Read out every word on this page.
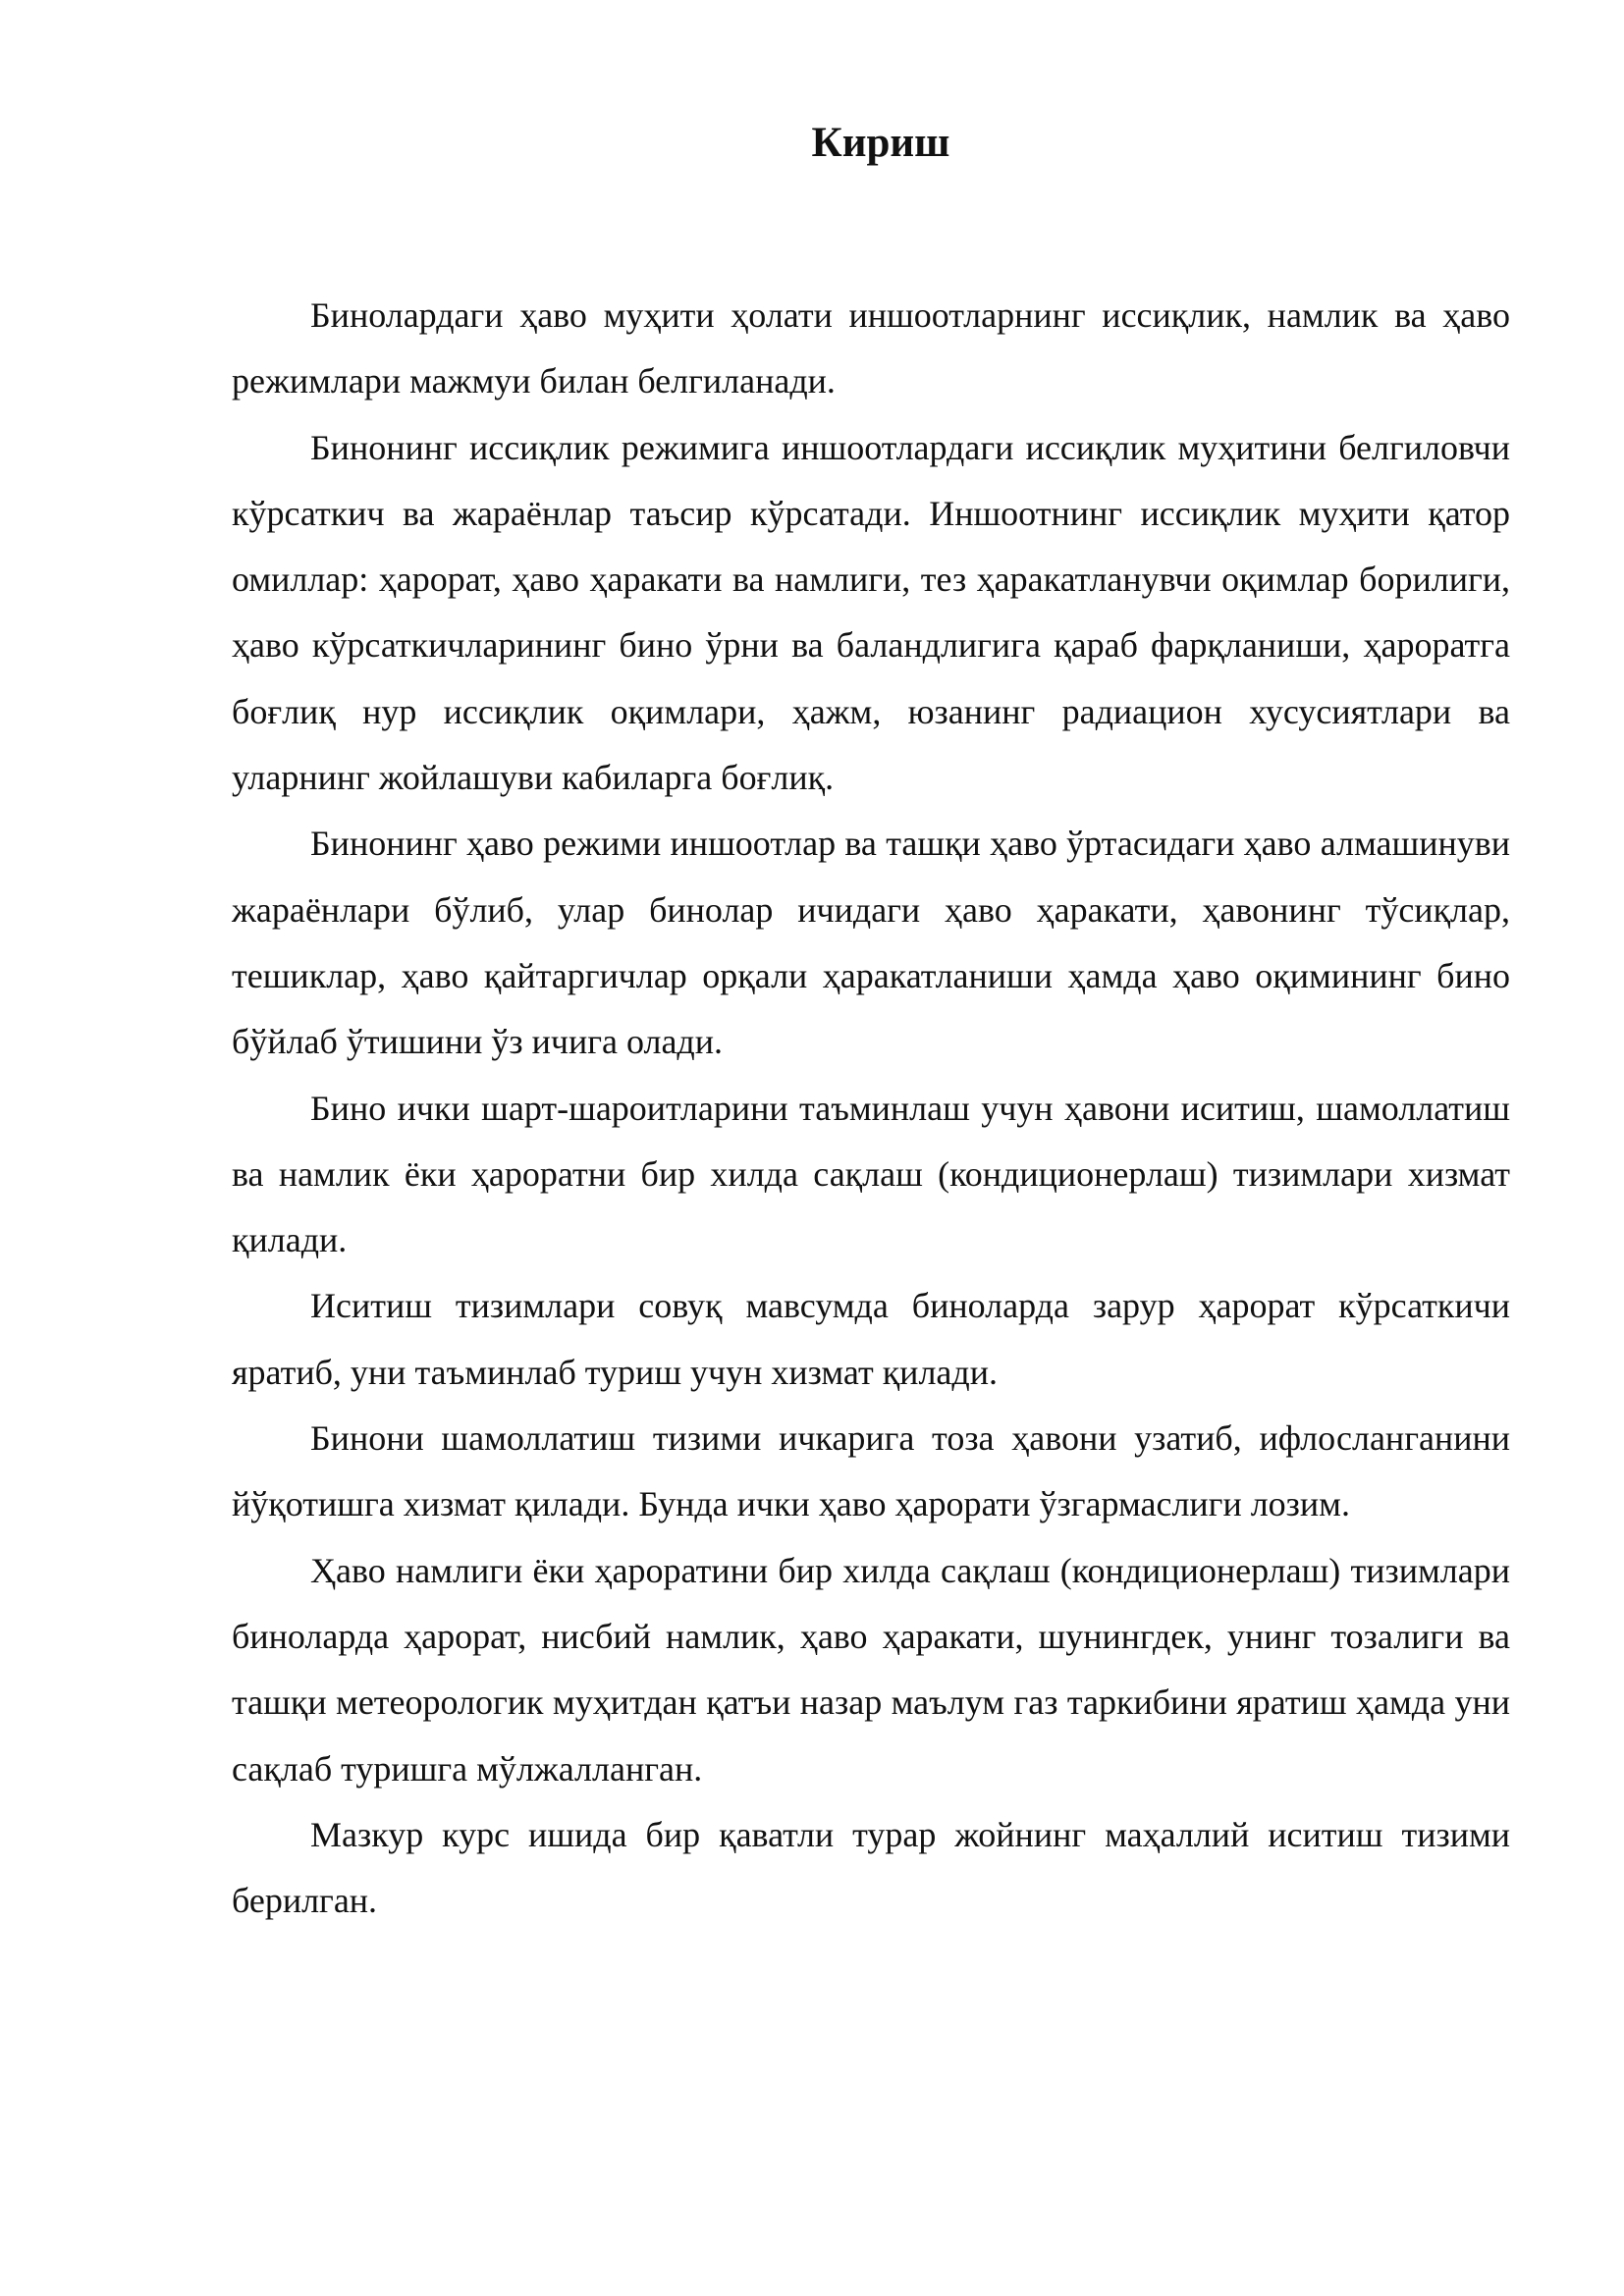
Кириш

Бинолардаги ҳаво муҳити ҳолати иншоотларнинг иссиқлик, намлик ва ҳаво режимлари мажмуи билан белгиланади.

Бинонинг иссиқлик режимига иншоотлардаги иссиқлик муҳитини белгиловчи кўрсаткич ва жараёнлар таъсир кўрсатади. Иншоотнинг иссиқлик муҳити қатор омиллар: ҳарорат, ҳаво ҳаракати ва намлиги, тез ҳаракатланувчи оқимлар борилиги, ҳаво кўрсаткичларининг бино ўрни ва баландлигига қараб фарқланиши, ҳароратга боғлиқ нур иссиқлик оқимлари, ҳажм, юзанинг радиацион хусусиятлари ва уларнинг жойлашуви кабиларга боғлиқ.

Бинонинг ҳаво режими иншоотлар ва ташқи ҳаво ўртасидаги ҳаво алмашинуви жараёнлари бўлиб, улар бинолар ичидаги ҳаво ҳаракати, ҳавонинг тўсиқлар, тешиклар, ҳаво қайтаргичлар орқали ҳаракатланиши ҳамда ҳаво оқимининг бино бўйлаб ўтишини ўз ичига олади.

Бино ички шарт-шароитларини таъминлаш учун ҳавони иситиш, шамоллатиш ва намлик ёки ҳароратни бир хилда сақлаш (кондиционерлаш) тизимлари хизмат қилади.

Иситиш тизимлари совуқ мавсумда биноларда зарур ҳарорат кўрсаткичи яратиб, уни таъминлаб туриш учун хизмат қилади.

Бинони шамоллатиш тизими ичкарига тоза ҳавони узатиб, ифлосланганини йўқотишга хизмат қилади. Бунда ички ҳаво ҳарорати ўзгармаслиги лозим.

Ҳаво намлиги ёки ҳароратини бир хилда сақлаш (кондиционерлаш) тизимлари биноларда ҳарорат, нисбий намлик, ҳаво ҳаракати, шунингдек, унинг тозалиги ва ташқи метеорологик муҳитдан қатъи назар маълум газ таркибини яратиш ҳамда уни сақлаб туришга мўлжалланган.

Мазкур курс ишида бир қаватли турар жойнинг маҳаллий иситиш тизими берилган.
